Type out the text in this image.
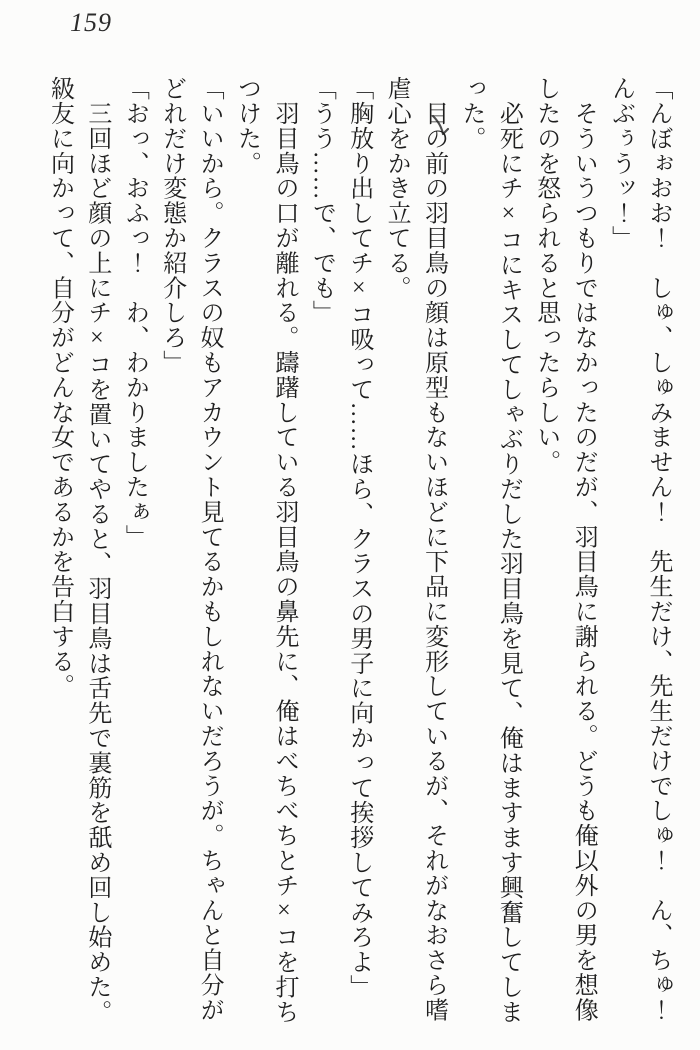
159

「んぼぉおお！　しゅ、しゅみません！　先生だけ、先生だけでしゅ！　ん、ちゅ！

んぶぅうッ！」

　そういうつもりではなかったのだが、羽目鳥に謝られる。どうも俺以外の男を想像

したのを怒られると思ったらしい。

　必死にチ×コにキスしてしゃぶりだした羽目鳥を見て、俺はますます興奮してしま

った。

　目の前の羽目鳥の顔は原型もないほどに下品に変形しているが、それがなおさら嗜

虐心をかき立てる。

「胸放り出してチ×コ吸って……ほら、クラスの男子に向かって挨拶してみろよ」

「うう……で、でも」

　羽目鳥の口が離れる。躊躇している羽目鳥の鼻先に、俺はべちべちとチ×コを打ち

つけた。

「いいから。クラスの奴もアカウント見てるかもしれないだろうが。ちゃんと自分が

どれだけ変態か紹介しろ」

「おっ、おふっ！　わ、わかりましたぁ」

　三回ほど顔の上にチ×コを置いてやると、羽目鳥は舌先で裏筋を舐め回し始めた。

級友に向かって、自分がどんな女であるかを告白する。
